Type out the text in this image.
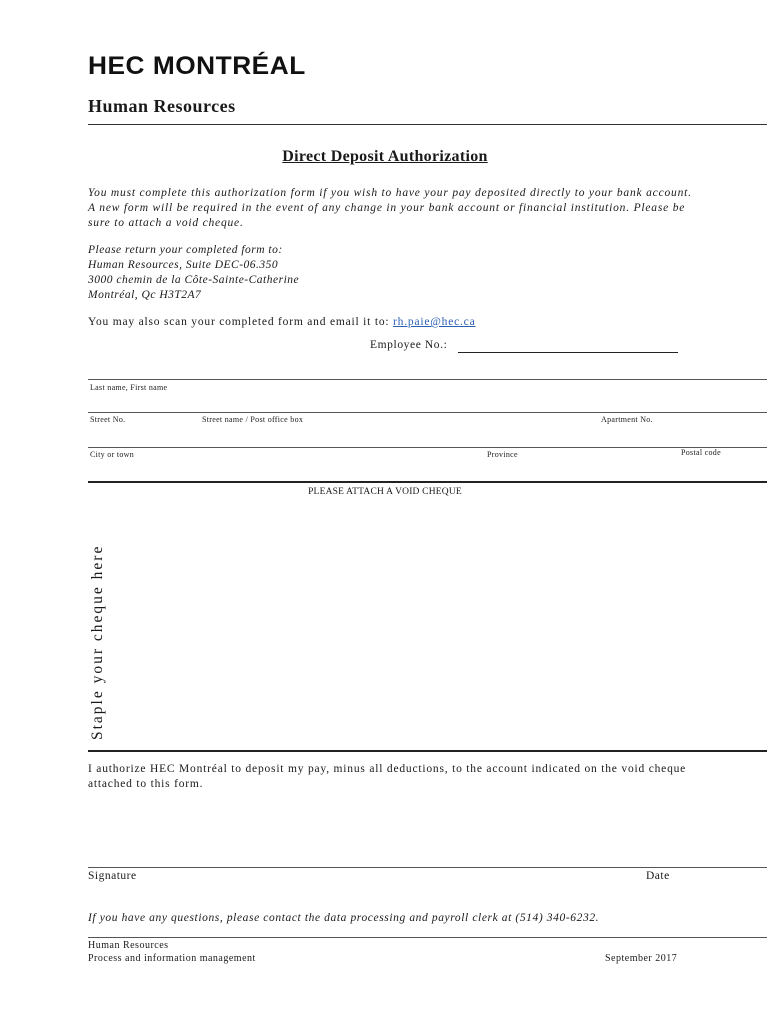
HEC MONTRÉAL
Human Resources
Direct Deposit Authorization
You must complete this authorization form if you wish to have your pay deposited directly to your bank account. A new form will be required in the event of any change in your bank account or financial institution. Please be sure to attach a void cheque.
Please return your completed form to:
Human Resources, Suite DEC-06.350
3000 chemin de la Côte-Sainte-Catherine
Montréal, Qc H3T2A7
You may also scan your completed form and email it to: rh.paie@hec.ca
Employee No.:
Last name, First name
Street No.	Street name / Post office box	Apartment No.
City or town	Province	Postal code
PLEASE ATTACH A VOID CHEQUE
Staple your cheque here
I authorize HEC Montréal to deposit my pay, minus all deductions, to the account indicated on the void cheque attached to this form.
Signature	Date
If you have any questions, please contact the data processing and payroll clerk at (514) 340-6232.
Human Resources
Process and information management	September 2017
